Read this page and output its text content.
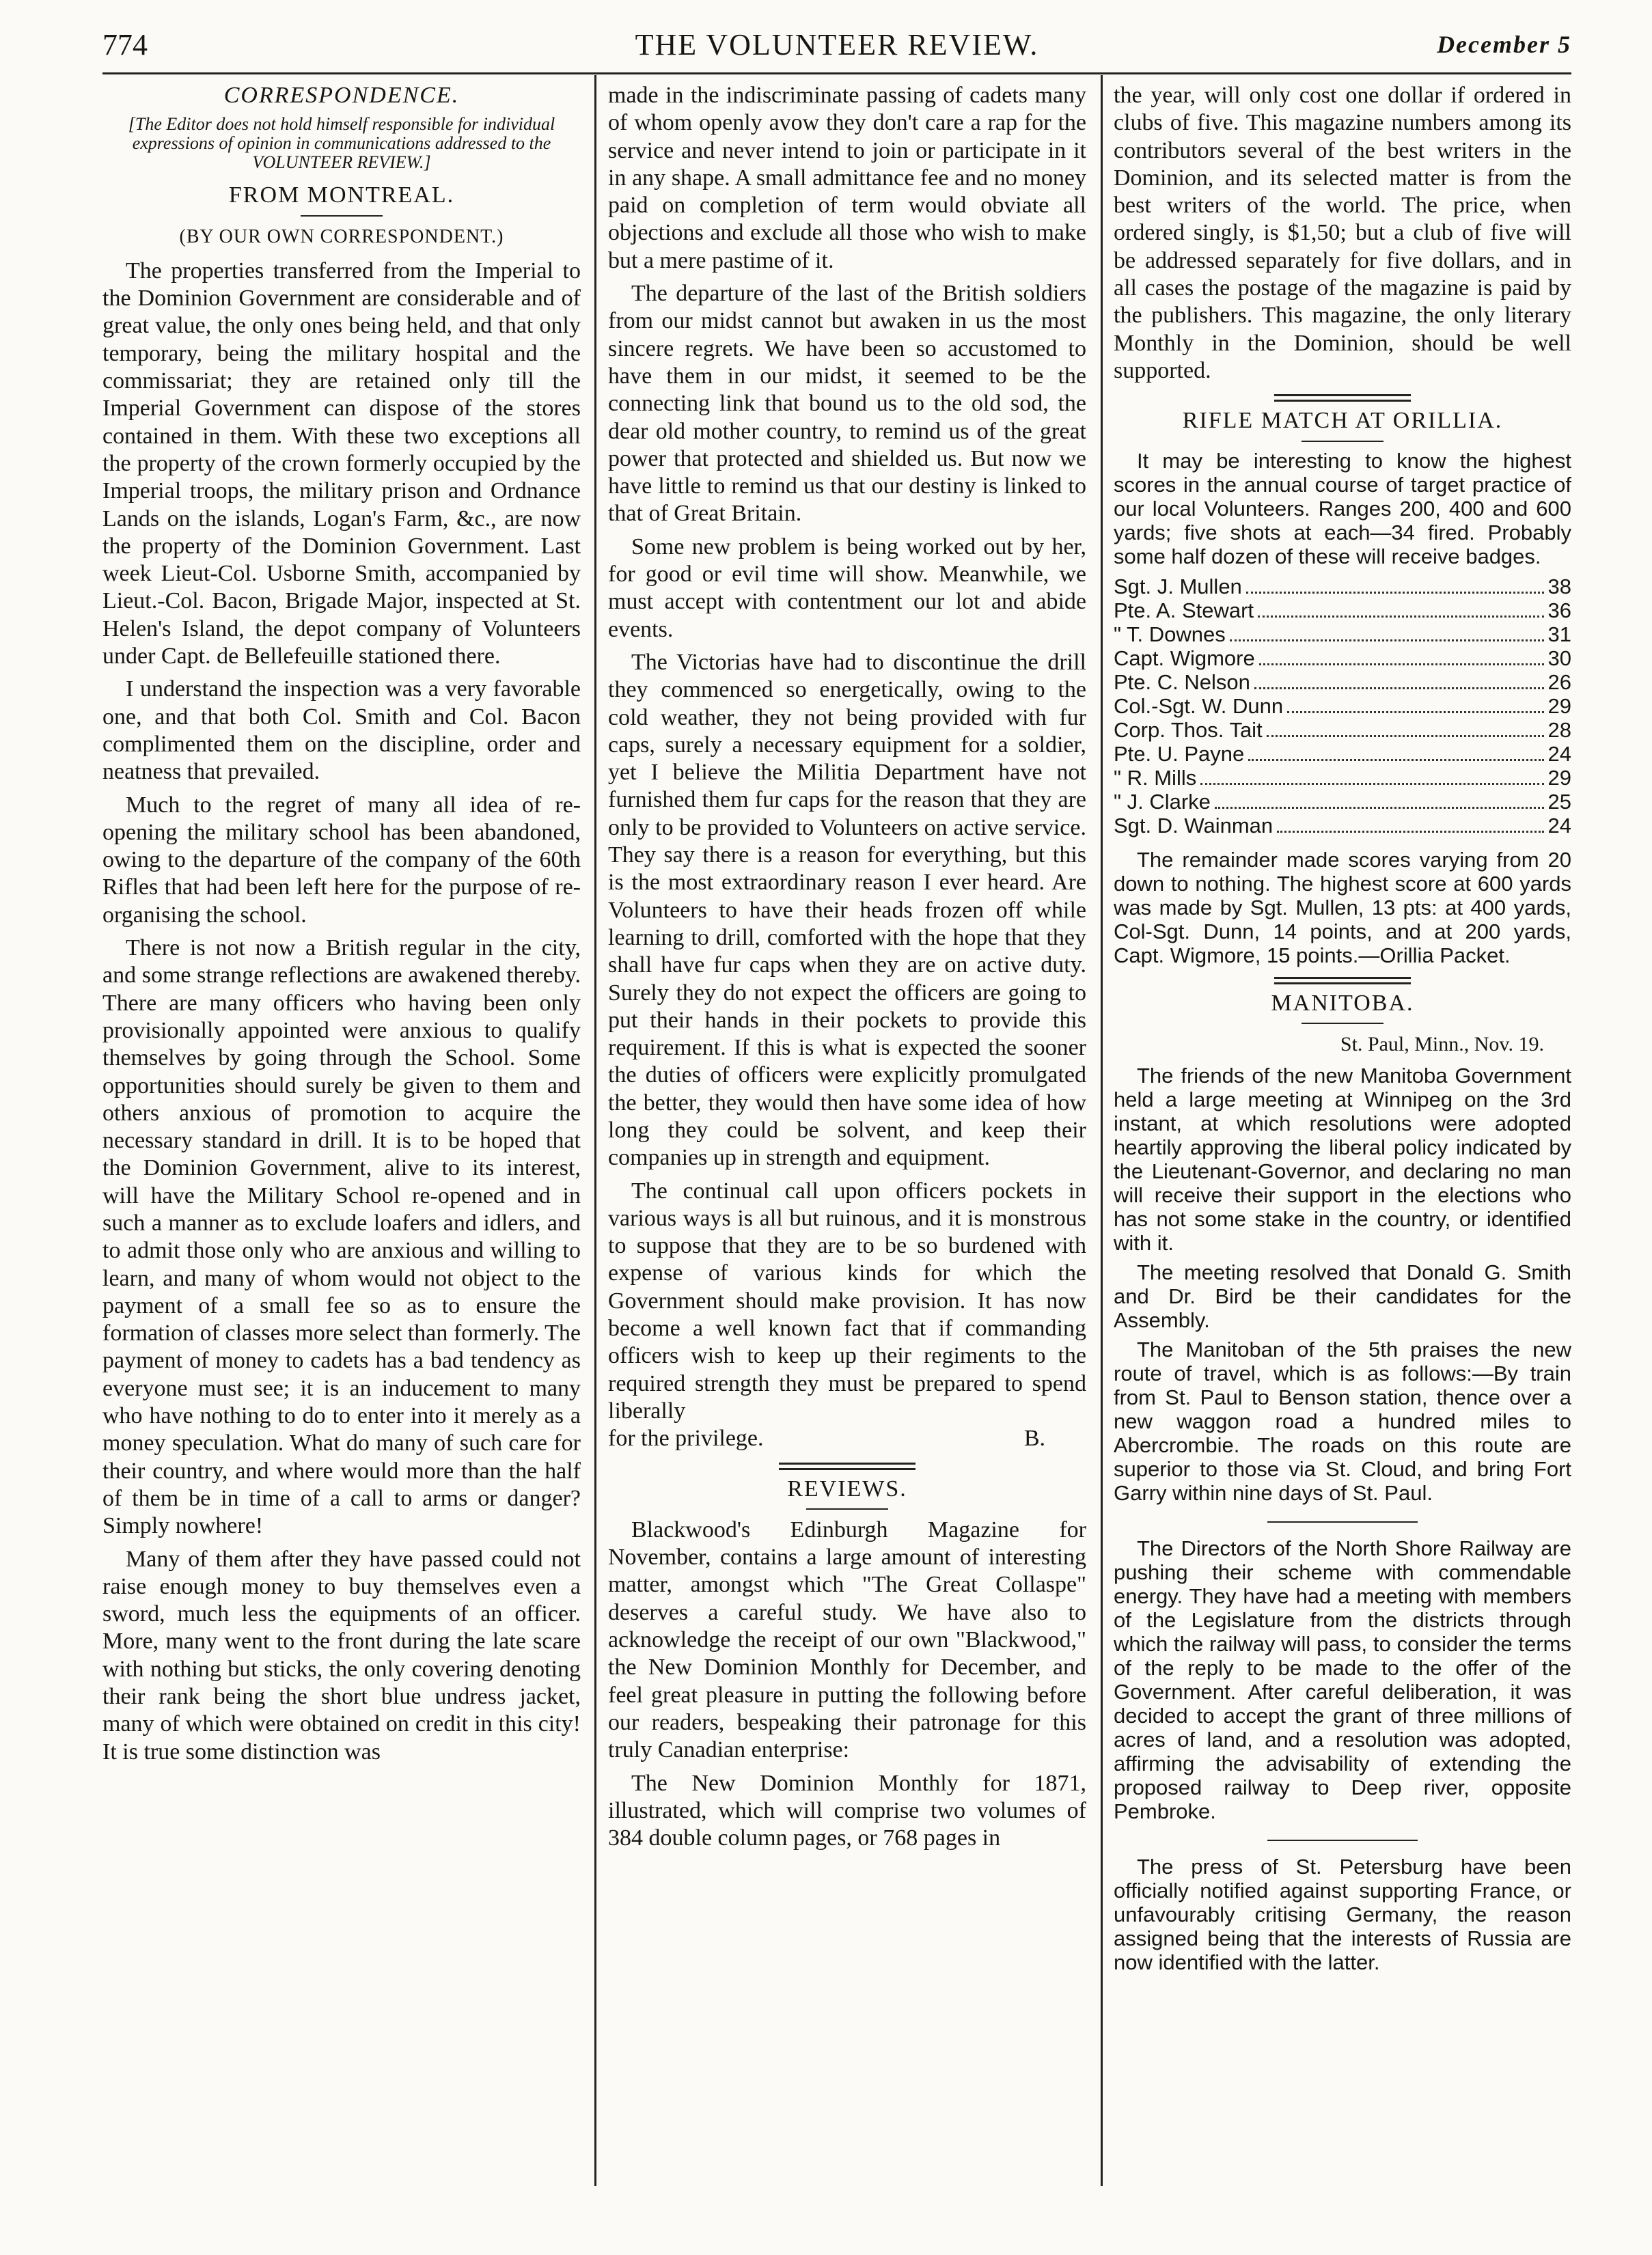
774	THE VOLUNTEER REVIEW.	December 5
CORRESPONDENCE.
[The Editor does not hold himself responsible for individual expressions of opinion in communications addressed to the VOLUNTEER REVIEW.]
FROM MONTREAL.
(BY OUR OWN CORRESPONDENT.)

The properties transferred from the Imperial to the Dominion Government are considerable and of great value, the only ones being held, and that only temporary, being the military hospital and the commissariat; they are retained only till the Imperial Government can dispose of the stores contained in them. With these two exceptions all the property of the crown formerly occupied by the Imperial troops, the military prison and Ordnance Lands on the islands, Logan's Farm, &c., are now the property of the Dominion Government. Last week Lieut-Col. Usborne Smith, accompanied by Lieut.-Col. Bacon, Brigade Major, inspected at St. Helen's Island, the depot company of Volunteers under Capt. de Bellefeuille stationed there.

I understand the inspection was a very favorable one, and that both Col. Smith and Col. Bacon complimented them on the discipline, order and neatness that prevailed.

Much to the regret of many all idea of re-opening the military school has been abandoned, owing to the departure of the company of the 60th Rifles that had been left here for the purpose of re-organising the school.

There is not now a British regular in the city, and some strange reflections are awakened thereby. There are many officers who having been only provisionally appointed were anxious to qualify themselves by going through the School. Some opportunities should surely be given to them and others anxious of promotion to acquire the necessary standard in drill. It is to be hoped that the Dominion Government, alive to its interest, will have the Military School re-opened and in such a manner as to exclude loafers and idlers, and to admit those only who are anxious and willing to learn, and many of whom would not object to the payment of a small fee so as to ensure the formation of classes more select than formerly. The payment of money to cadets has a bad tendency as everyone must see; it is an inducement to many who have nothing to do to enter into it merely as a money speculation. What do many of such care for their country, and where would more than the half of them be in time of a call to arms or danger? Simply nowhere!

Many of them after they have passed could not raise enough money to buy themselves even a sword, much less the equipments of an officer. More, many went to the front during the late scare with nothing but sticks, the only covering denoting their rank being the short blue undress jacket, many of which were obtained on credit in this city! It is true some distinction was

made in the indiscriminate passing of cadets many of whom openly avow they don't care a rap for the service and never intend to join or participate in it in any shape. A small admittance fee and no money paid on completion of term would obviate all objections and exclude all those who wish to make but a mere pastime of it.

The departure of the last of the British soldiers from our midst cannot but awaken in us the most sincere regrets. We have been so accustomed to have them in our midst, it seemed to be the connecting link that bound us to the old sod, the dear old mother country, to remind us of the great power that protected and shielded us. But now we have little to remind us that our destiny is linked to that of Great Britain.

Some new problem is being worked out by her, for good or evil time will show. Meanwhile, we must accept with contentment our lot and abide events.

The Victorias have had to discontinue the drill they commenced so energetically, owing to the cold weather, they not being provided with fur caps, surely a necessary equipment for a soldier, yet I believe the Militia Department have not furnished them fur caps for the reason that they are only to be provided to Volunteers on active service. They say there is a reason for everything, but this is the most extraordinary reason I ever heard. Are Volunteers to have their heads frozen off while learning to drill, comforted with the hope that they shall have fur caps when they are on active duty. Surely they do not expect the officers are going to put their hands in their pockets to provide this requirement. If this is what is expected the sooner the duties of officers were explicitly promulgated the better, they would then have some idea of how long they could be solvent, and keep their companies up in strength and equipment.

The continual call upon officers pockets in various ways is all but ruinous, and it is monstrous to suppose that they are to be so burdened with expense of various kinds for which the Government should make provision. It has now become a well known fact that if commanding officers wish to keep up their regiments to the required strength they must be prepared to spend liberally

for the privilege.	B.
REVIEWS.

Blackwood's Edinburgh Magazine for November, contains a large amount of interesting matter, amongst which "The Great Collaspe" deserves a careful study. We have also to acknowledge the receipt of our own "Blackwood," the New Dominion Monthly for December, and feel great pleasure in putting the following before our readers, bespeaking their patronage for this truly Canadian enterprise:

The New Dominion Monthly for 1871, illustrated, which will comprise two volumes of 384 double column pages, or 768 pages in

the year, will only cost one dollar if ordered in clubs of five. This magazine numbers among its contributors several of the best writers in the Dominion, and its selected matter is from the best writers of the world. The price, when ordered singly, is $1,50; but a club of five will be addressed separately for five dollars, and in all cases the postage of the magazine is paid by the publishers. This magazine, the only literary Monthly in the Dominion, should be well supported.

RIFLE MATCH AT ORILLIA.

It may be interesting to know the highest scores in the annual course of target practice of our local Volunteers. Ranges 200, 400 and 600 yards; five shots at each—34 fired. Probably some half dozen of these will receive badges.

Sgt. J. Mullen	38
Pte. A. Stewart	36
" T. Downes	31
Capt. Wigmore	30
Pte. C. Nelson	26
Col.-Sgt. W. Dunn	29
Corp. Thos. Tait	28
Pte. U. Payne	24
" R. Mills	29
" J. Clarke	25
Sgt. D. Wainman	24

The remainder made scores varying from 20 down to nothing. The highest score at 600 yards was made by Sgt. Mullen, 13 pts: at 400 yards, Col-Sgt. Dunn, 14 points, and at 200 yards, Capt. Wigmore, 15 points.—Orillia Packet.

MANITOBA.
St. Paul, Minn., Nov. 19.

The friends of the new Manitoba Government held a large meeting at Winnipeg on the 3rd instant, at which resolutions were adopted heartily approving the liberal policy indicated by the Lieutenant-Governor, and declaring no man will receive their support in the elections who has not some stake in the country, or identified with it.

The meeting resolved that Donald G. Smith and Dr. Bird be their candidates for the Assembly.

The Manitoban of the 5th praises the new route of travel, which is as follows:—By train from St. Paul to Benson station, thence over a new waggon road a hundred miles to Abercrombie. The roads on this route are superior to those via St. Cloud, and bring Fort Garry within nine days of St. Paul.

The Directors of the North Shore Railway are pushing their scheme with commendable energy. They have had a meeting with members of the Legislature from the districts through which the railway will pass, to consider the terms of the reply to be made to the offer of the Government. After careful deliberation, it was decided to accept the grant of three millions of acres of land, and a resolution was adopted, affirming the advisability of extending the proposed railway to Deep river, opposite Pembroke.

The press of St. Petersburg have been officially notified against supporting France, or unfavourably critising Germany, the reason assigned being that the interests of Russia are now identified with the latter.
